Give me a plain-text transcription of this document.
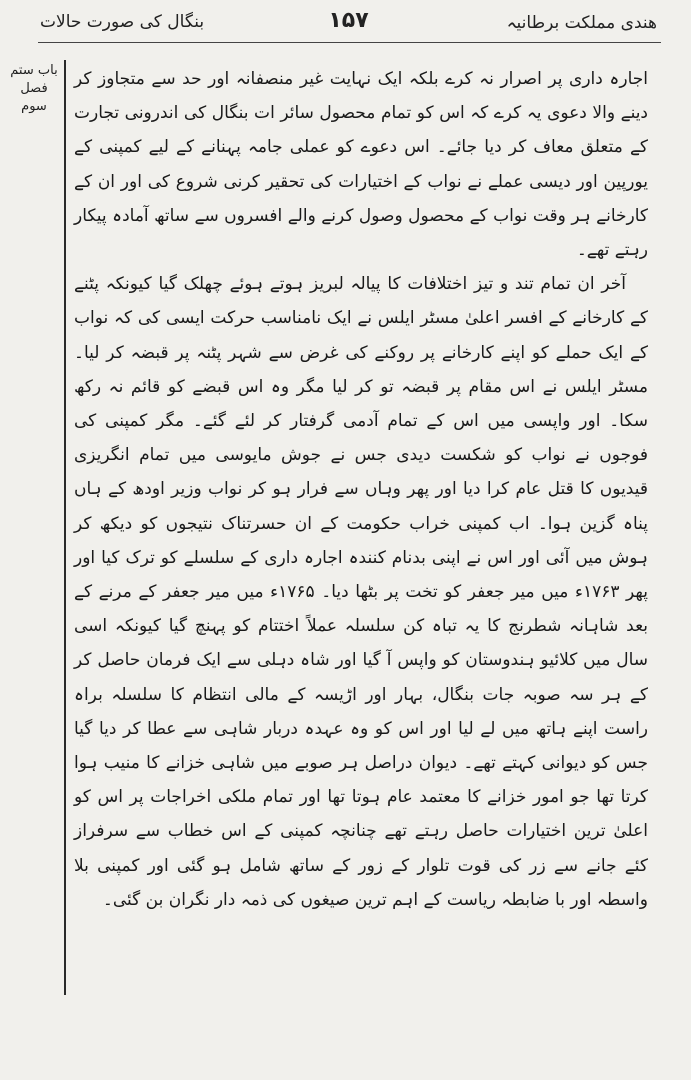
ھندی مملکت برطانیہ
۱۵۷
بنگال کی صورت حالات
باب ستم فصل سوم

اجارہ داری پر اصرار نہ کرے بلکہ ایک نہایت غیر منصفانہ اور حد سے متجاوز کر دینے والا دعوی یہ کرے کہ اس کو تمام محصول سائر ات بنگال کی اندرونی تجارت کے متعلق معاف کر دیا جائے۔ اس دعوے کو عملی جامہ پہنانے کے لیے کمپنی کے یورپین اور دیسی عملے نے نواب کے اختیارات کی تحقیر کرنی شروع کی اور ان کے کارخانے ہر وقت نواب کے محصول وصول کرنے والے افسروں سے ساتھ آمادہ پیکار رہتے تھے۔

آخر ان تمام تند و تیز اختلافات کا پیالہ لبریز ہوتے ہوئے چھلک گیا کیونکہ پٹنے کے کارخانے کے افسر اعلیٰ مسٹر ایلس نے ایک نامناسب حرکت ایسی کی کہ نواب کے ایک حملے کو اپنے کارخانے پر روکنے کی غرض سے شہر پٹنہ پر قبضہ کر لیا۔ مسٹر ایلس نے اس مقام پر قبضہ تو کر لیا مگر وہ اس قبضے کو قائم نہ رکھ سکا۔ اور واپسی میں اس کے تمام آدمی گرفتار کر لئے گئے۔ مگر کمپنی کی فوجوں نے نواب کو شکست دیدی جس نے جوش مایوسی میں تمام انگریزی قیدیوں کا قتل عام کرا دیا اور پھر وہاں سے فرار ہو کر نواب وزیر اودھ کے ہاں پناہ گزین ہوا۔ اب کمپنی خراب حکومت کے ان حسرتناک نتیجوں کو دیکھ کر ہوش میں آئی اور اس نے اپنی بدنام کنندہ اجارہ داری کے سلسلے کو ترک کیا اور پھر ۱۷۶۳ء میں میر جعفر کو تخت پر بٹھا دیا۔ ۱۷۶۵ء میں میر جعفر کے مرنے کے بعد شاہانہ شطرنج کا یہ تباہ کن سلسلہ عملاً اختتام کو پہنچ گیا کیونکہ اسی سال میں کلائیو ہندوستان کو واپس آ گیا اور شاہ دہلی سے ایک فرمان حاصل کر کے ہر سہ صوبہ جات بنگال، بہار اور اڑیسہ کے مالی انتظام کا سلسلہ براہ راست اپنے ہاتھ میں لے لیا اور اس کو وہ عہدہ دربار شاہی سے عطا کر دیا گیا جس کو دیوانی کہتے تھے۔ دیوان دراصل ہر صوبے میں شاہی خزانے کا منیب ہوا کرتا تھا جو امور خزانے کا معتمد عام ہوتا تھا اور تمام ملکی اخراجات پر اس کو اعلیٰ ترین اختیارات حاصل رہتے تھے چنانچہ کمپنی کے اس خطاب سے سرفراز کئے جانے سے زر کی قوت تلوار کے زور کے ساتھ شامل ہو گئی اور کمپنی بلا واسطہ اور با ضابطہ ریاست کے اہم ترین صیغوں کی ذمہ دار نگران بن گئی۔
